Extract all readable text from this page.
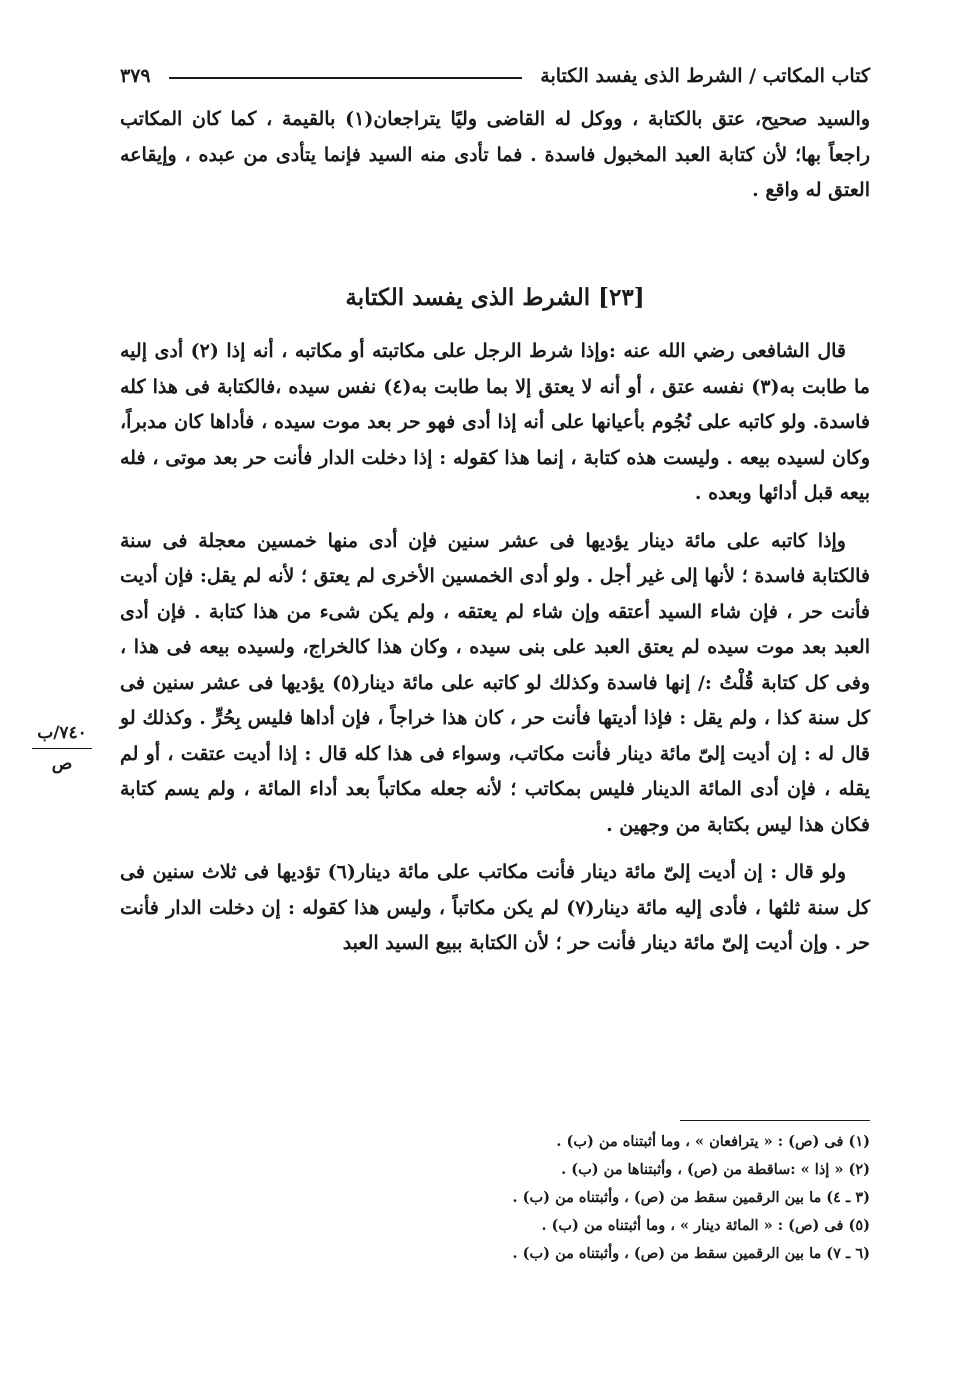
كتاب المكاتب / الشرط الذى يفسد الكتابة
٣٧٩

والسيد صحيح، عتق بالكتابة ، ووكل له القاضى وليًا يتراجعان(١) بالقيمة ، كما كان المكاتب راجعاً بها؛ لأن كتابة العبد المخبول فاسدة . فما تأدى منه السيد فإنما يتأدى من عبده ، وإيقاعه العتق له واقع .

[٢٣] الشرط الذى يفسد الكتابة

قال الشافعى رضي الله عنه :وإذا شرط الرجل على مكاتبته أو مكاتبه ، أنه إذا (٢) أدى إليه ما طابت به(٣) نفسه عتق ، أو أنه لا يعتق إلا بما طابت به(٤) نفس سيده ،فالكتابة فى هذا كله فاسدة. ولو كاتبه على نُجُوم بأعيانها على أنه إذا أدى فهو حر بعد موت سيده ، فأداها كان مدبراً، وكان لسيده بيعه . وليست هذه كتابة ، إنما هذا كقوله : إذا دخلت الدار فأنت حر بعد موتى ، فله بيعه قبل أدائها وبعده .

وإذا كاتبه على مائة دينار يؤديها فى عشر سنين فإن أدى منها خمسين معجلة فى سنة فالكتابة فاسدة ؛ لأنها إلى غير أجل . ولو أدى الخمسين الأخرى لم يعتق ؛ لأنه لم يقل: فإن أديت فأنت حر ، فإن شاء السيد أعتقه وإن شاء لم يعتقه ، ولم يكن شىء من هذا كتابة . فإن أدى العبد بعد موت سيده لم يعتق العبد على بنى سيده ، وكان هذا كالخراج، ولسيده بيعه فى هذا ، وفى كل كتابة قُلْتُ :/ إنها فاسدة وكذلك لو كاتبه على مائة دينار(٥) يؤديها فى عشر سنين فى كل سنة كذا ، ولم يقل : فإذا أديتها فأنت حر ، كان هذا خراجاً ، فإن أداها فليس بِحُرٍّ . وكذلك لو قال له : إن أديت إلىّ مائة دينار فأنت مكاتب، وسواء فى هذا كله قال : إذا أديت عتقت ، أو لم يقله ، فإن أدى المائة الدينار فليس بمكاتب ؛ لأنه جعله مكاتباً بعد أداء المائة ، ولم يسم كتابة فكان هذا ليس بكتابة من وجهين .

ولو قال : إن أديت إلىّ مائة دينار فأنت مكاتب على مائة دينار(٦) تؤديها فى ثلاث سنين فى كل سنة ثلثها ، فأدى إليه مائة دينار(٧) لم يكن مكاتباً ، وليس هذا كقوله : إن دخلت الدار فأنت حر . وإن أديت إلىّ مائة دينار فأنت حر ؛ لأن الكتابة ببيع السيد العبد

(١) فى (ص) : « يترافعان » ، وما أثبتناه من (ب) .
(٢) « إذا » :ساقطة من (ص) ، وأثبتناها من (ب) .
(٣ ـ ٤) ما بين الرقمين سقط من (ص) ، وأثبتناه من (ب) .
(٥) فى (ص) : « المائة دينار » ، وما أثبتناه من (ب) .
(٦ ـ ٧) ما بين الرقمين سقط من (ص) ، وأثبتناه من (ب) .
٧٤٠/ب
ص
